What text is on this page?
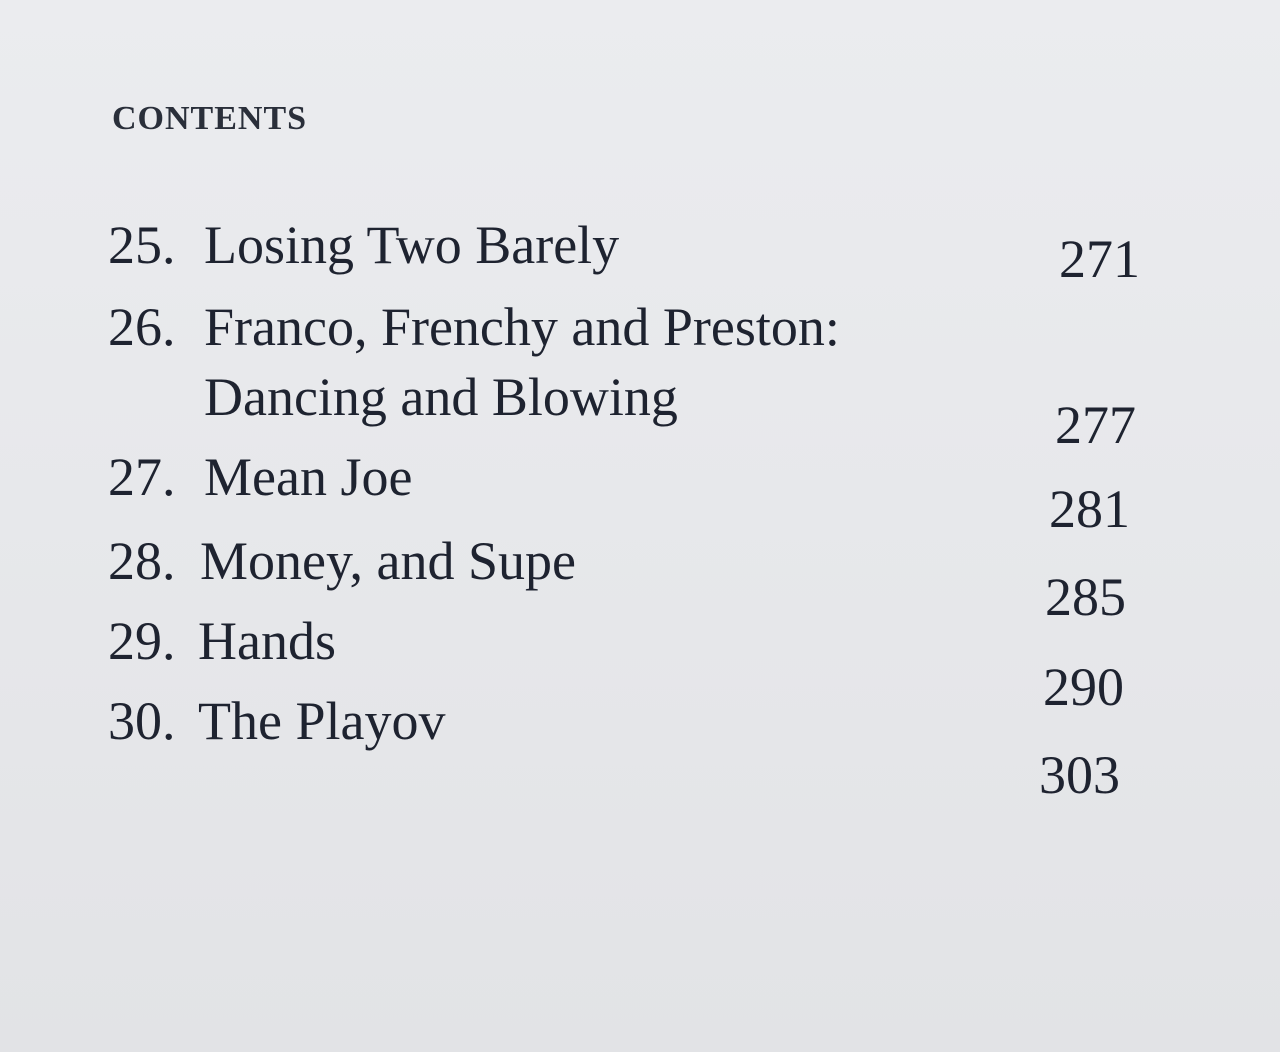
CONTENTS
25. Losing Two Barely	271
26. Franco, Frenchy and Preston:
Dancing and Blowing	277
27. Mean Joe
281
28. Money, and Supe
285
29. Hands
290
30. The Playov
303
